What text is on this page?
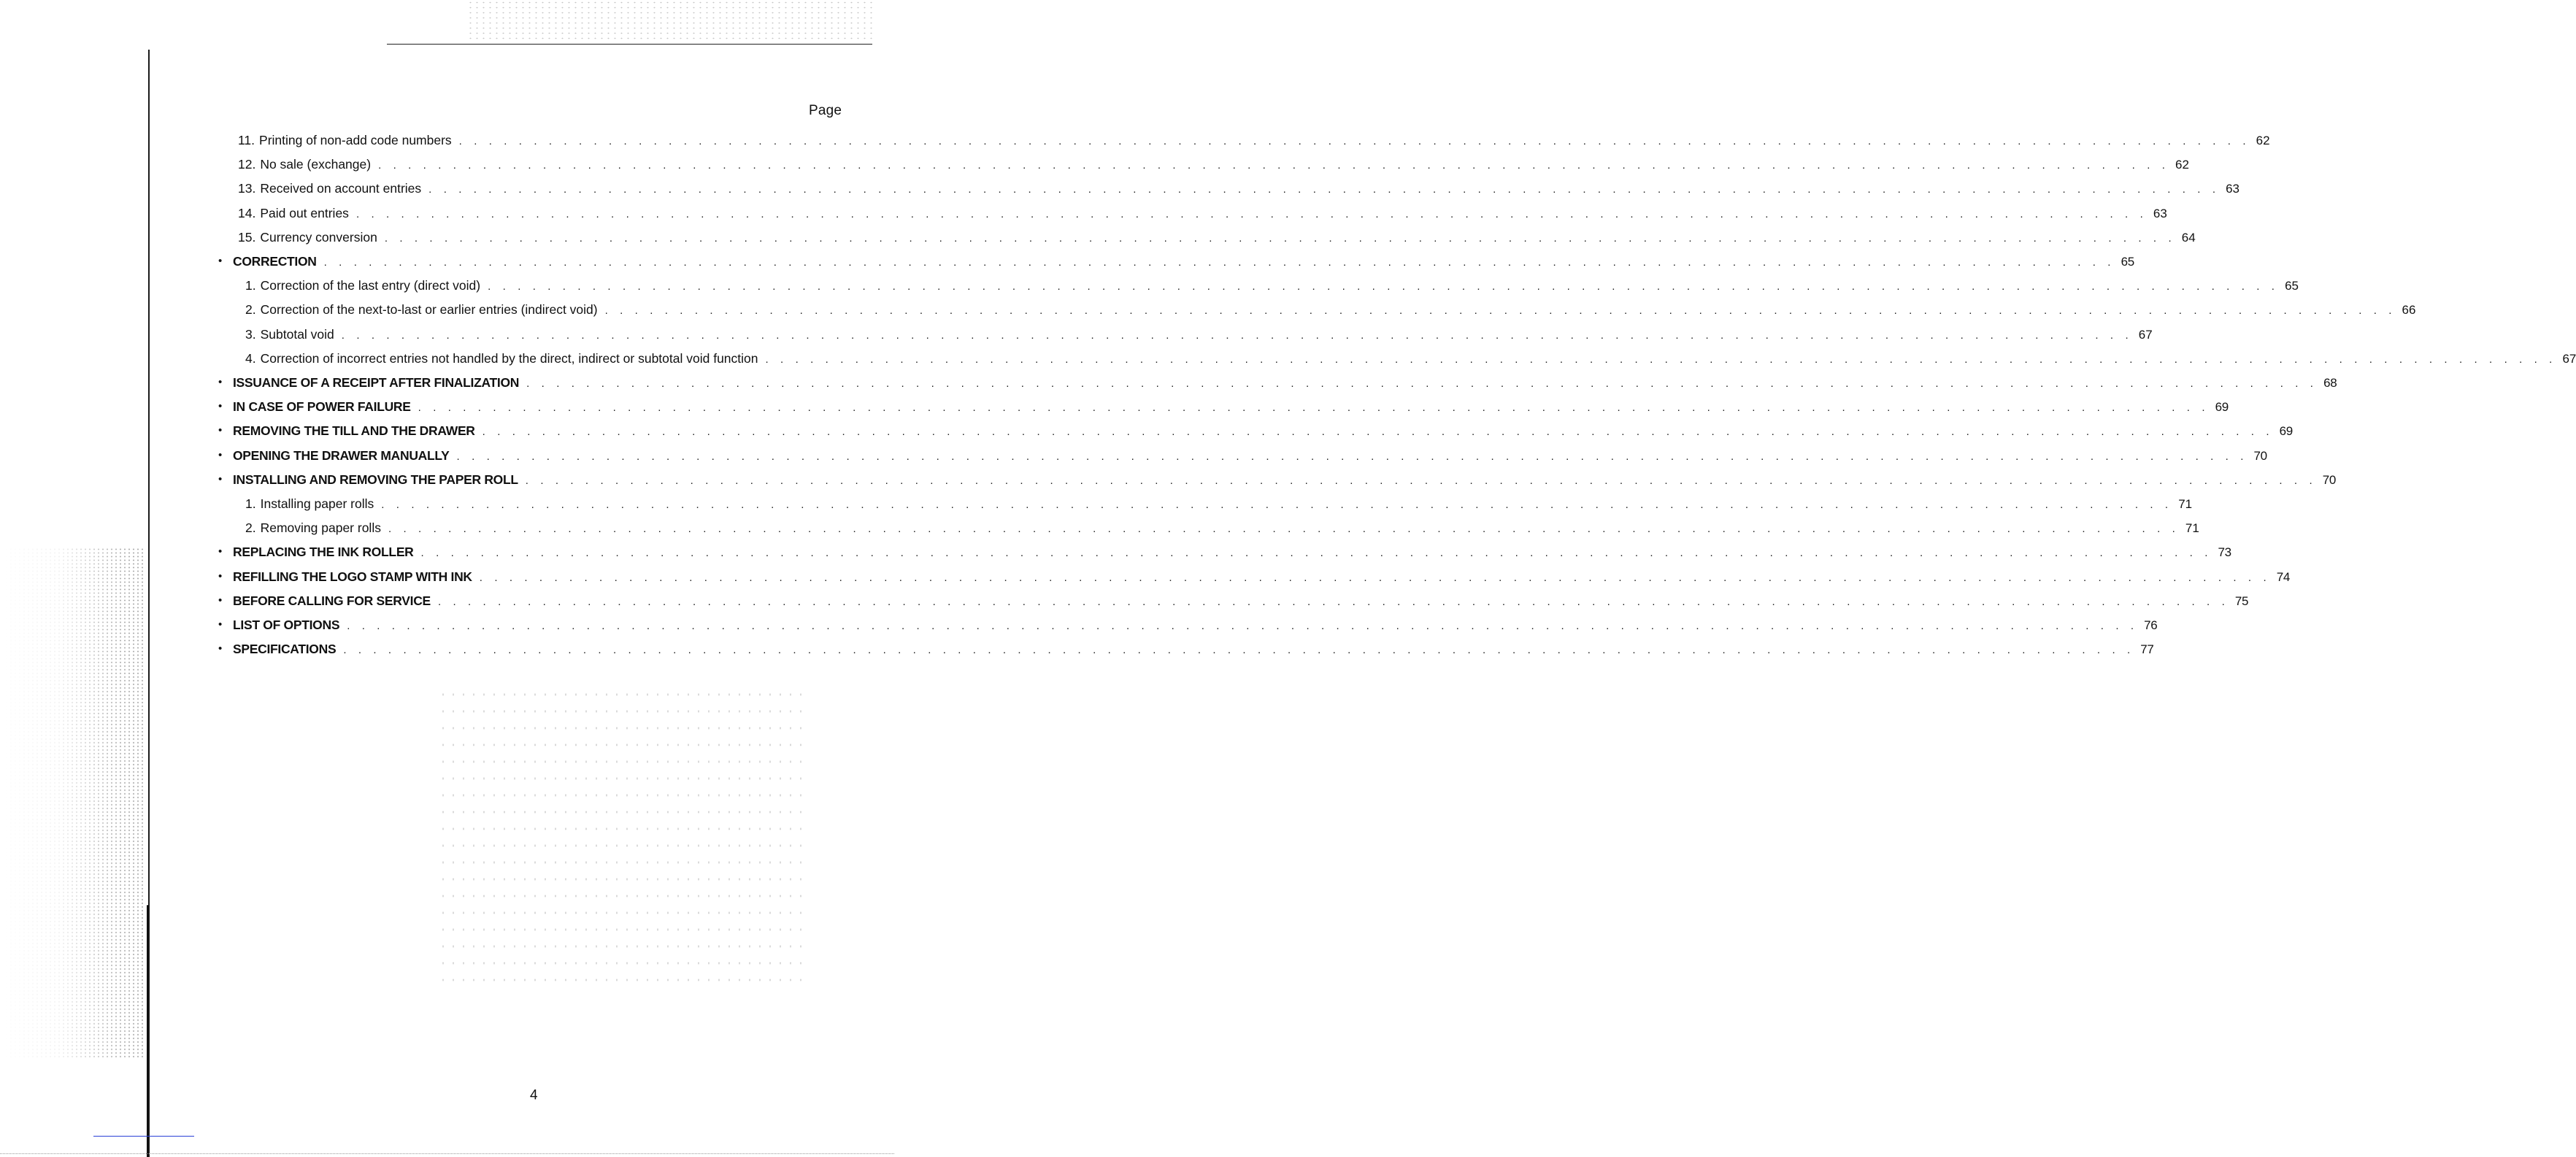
Page
11. Printing of non-add code numbers . . . . . . . . . . . . . . . . . . . . . . . . . . . . . . . . . . . . . . . . . . . . . . . . . . . . . . . . . . . . . . . . . . . . . . . . . . . . . . . . . . . . . . . . . . . . . . . . . . . . . . . . . . . . . . . . . . . . . . . . 62
12. No sale (exchange) . . . . . . . . . . . . . . . . . . . . . . . . . . . . . . . . . . . . . . . . . . . . . . . . . . . . . . . . . . . . . . . . . . . . . . . . . . . . . . . . . . . . . . . . . . . . . . . . . . . . . . . . . . . . . . . . . . . . . . . . 62
13. Received on account entries . . . . . . . . . . . . . . . . . . . . . . . . . . . . . . . . . . . . . . . . . . . . . . . . . . . . . . . . . . . . . . . . . . . . . . . . . . . . . . . . . . . . . . . . . . . . . . . . . . . . . . . . . . . . . . . . . . . . . . . . 63
14. Paid out entries . . . . . . . . . . . . . . . . . . . . . . . . . . . . . . . . . . . . . . . . . . . . . . . . . . . . . . . . . . . . . . . . . . . . . . . . . . . . . . . . . . . . . . . . . . . . . . . . . . . . . . . . . . . . . . . . . . . . . . . . 63
15. Currency conversion . . . . . . . . . . . . . . . . . . . . . . . . . . . . . . . . . . . . . . . . . . . . . . . . . . . . . . . . . . . . . . . . . . . . . . . . . . . . . . . . . . . . . . . . . . . . . . . . . . . . . . . . . . . . . . . . . . . . . . . . 64
• CORRECTION . . . . . . . . . . . . . . . . . . . . . . . . . . . . . . . . . . . . . . . . . . . . . . . . . . . . . . . . . . . . . . . . . . . . . . . . . . . . . . . . . . . . . . . . . . . . . . . . . . . . . . . . . . . . . . . . . . . . . . . . 65
1. Correction of the last entry (direct void) . . . . . . . . . . . . . . . . . . . . . . . . . . . . . . . . . . . . . . . . . . . . . . . . . . . . . . . . . . . . . . . . . . . . . . . . . . . . . . . . . . . . . . . . . . . . . . . . . . . . . . . . . . . . . . . . . . . . . . . . 65
2. Correction of the next-to-last or earlier entries (indirect void) . . . . . . . . . . . . . . . . . . . . . . . . . . . . . . . . . . . . . . . . . . . . . . . . . . . . . . . . . . . . . . . . . . . . . . . . . . . . . . . . . . . . . . . . . . . . . . . . . . . . . . . . . . . . . . . . . . . . . . . . 66
3. Subtotal void . . . . . . . . . . . . . . . . . . . . . . . . . . . . . . . . . . . . . . . . . . . . . . . . . . . . . . . . . . . . . . . . . . . . . . . . . . . . . . . . . . . . . . . . . . . . . . . . . . . . . . . . . . . . . . . . . . . . . . . . 67
4. Correction of incorrect entries not handled by the direct, indirect or subtotal void function . . . . . . . . . . . . . . . . . . . . . . . . . . . . . . . . . . . . . . . . . . . . . . . . . . . . . . . . . . . . . . . . . . . . . . . . . . . . . . . . . . . . . . . . . . . . . . . . . . . . . . . . . . . . . . . . . . . . . . . . 67
• ISSUANCE OF A RECEIPT AFTER FINALIZATION . . . . . . . . . . . . . . . . . . . . . . . . . . . . . . . . . . . . . . . . . . . . . . . . . . . . . . . . . . . . . . . . . . . . . . . . . . . . . . . . . . . . . . . . . . . . . . . . . . . . . . . . . . . . . . . . . . . . . . . . 68
• IN CASE OF POWER FAILURE . . . . . . . . . . . . . . . . . . . . . . . . . . . . . . . . . . . . . . . . . . . . . . . . . . . . . . . . . . . . . . . . . . . . . . . . . . . . . . . . . . . . . . . . . . . . . . . . . . . . . . . . . . . . . . . . . . . . . . . . 69
• REMOVING THE TILL AND THE DRAWER . . . . . . . . . . . . . . . . . . . . . . . . . . . . . . . . . . . . . . . . . . . . . . . . . . . . . . . . . . . . . . . . . . . . . . . . . . . . . . . . . . . . . . . . . . . . . . . . . . . . . . . . . . . . . . . . . . . . . . . . 69
• OPENING THE DRAWER MANUALLY . . . . . . . . . . . . . . . . . . . . . . . . . . . . . . . . . . . . . . . . . . . . . . . . . . . . . . . . . . . . . . . . . . . . . . . . . . . . . . . . . . . . . . . . . . . . . . . . . . . . . . . . . . . . . . . . . . . . . . . . 70
• INSTALLING AND REMOVING THE PAPER ROLL . . . . . . . . . . . . . . . . . . . . . . . . . . . . . . . . . . . . . . . . . . . . . . . . . . . . . . . . . . . . . . . . . . . . . . . . . . . . . . . . . . . . . . . . . . . . . . . . . . . . . . . . . . . . . . . . . . . . . . . . 70
1. Installing paper rolls . . . . . . . . . . . . . . . . . . . . . . . . . . . . . . . . . . . . . . . . . . . . . . . . . . . . . . . . . . . . . . . . . . . . . . . . . . . . . . . . . . . . . . . . . . . . . . . . . . . . . . . . . . . . . . . . . . . . . . . . 71
2. Removing paper rolls . . . . . . . . . . . . . . . . . . . . . . . . . . . . . . . . . . . . . . . . . . . . . . . . . . . . . . . . . . . . . . . . . . . . . . . . . . . . . . . . . . . . . . . . . . . . . . . . . . . . . . . . . . . . . . . . . . . . . . . . 71
• REPLACING THE INK ROLLER . . . . . . . . . . . . . . . . . . . . . . . . . . . . . . . . . . . . . . . . . . . . . . . . . . . . . . . . . . . . . . . . . . . . . . . . . . . . . . . . . . . . . . . . . . . . . . . . . . . . . . . . . . . . . . . . . . . . . . . . 73
• REFILLING THE LOGO STAMP WITH INK . . . . . . . . . . . . . . . . . . . . . . . . . . . . . . . . . . . . . . . . . . . . . . . . . . . . . . . . . . . . . . . . . . . . . . . . . . . . . . . . . . . . . . . . . . . . . . . . . . . . . . . . . . . . . . . . . . . . . . . . 74
• BEFORE CALLING FOR SERVICE . . . . . . . . . . . . . . . . . . . . . . . . . . . . . . . . . . . . . . . . . . . . . . . . . . . . . . . . . . . . . . . . . . . . . . . . . . . . . . . . . . . . . . . . . . . . . . . . . . . . . . . . . . . . . . . . . . . . . . . . 75
• LIST OF OPTIONS . . . . . . . . . . . . . . . . . . . . . . . . . . . . . . . . . . . . . . . . . . . . . . . . . . . . . . . . . . . . . . . . . . . . . . . . . . . . . . . . . . . . . . . . . . . . . . . . . . . . . . . . . . . . . . . . . . . . . . . . 76
• SPECIFICATIONS . . . . . . . . . . . . . . . . . . . . . . . . . . . . . . . . . . . . . . . . . . . . . . . . . . . . . . . . . . . . . . . . . . . . . . . . . . . . . . . . . . . . . . . . . . . . . . . . . . . . . . . . . . . . . . . . . . . . . . . . 77
4
